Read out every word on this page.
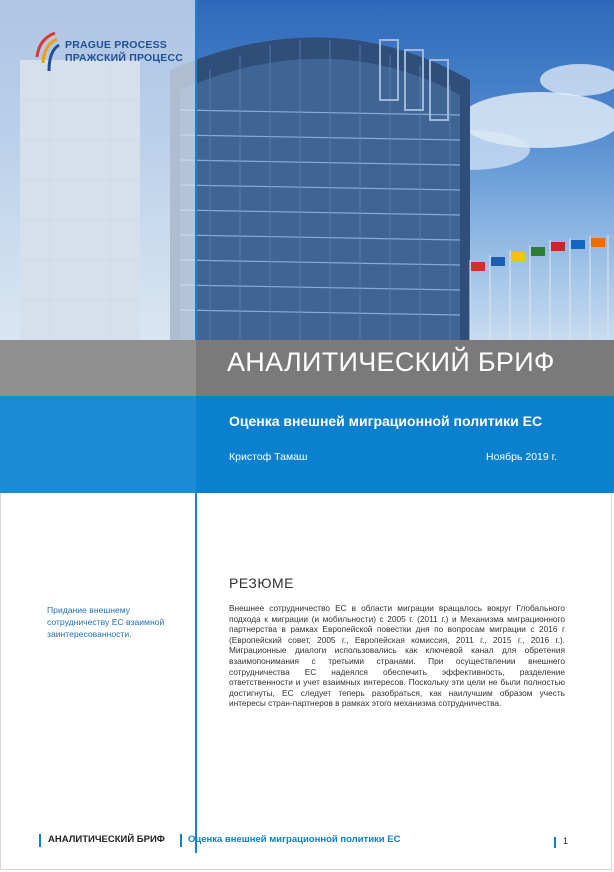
PRAGUE PROCESS
ПРАЖСКИЙ ПРОЦЕСС
АНАЛИТИЧЕСКИЙ БРИФ
Оценка внешней миграционной политики ЕС
Кристоф Тамаш	Ноябрь 2019 г.
Придание внешнему сотрудничеству ЕС взаимной заинтересованности.
РЕЗЮМЕ
Внешнее сотрудничество ЕС в области миграции вращалось вокруг Глобального подхода к миграции (и мобильности) с 2005 г. (2011 г.) и Механизма миграционного партнерства в рамках Европейской повестки дня по вопросам миграции с 2016 г (Европейский совет, 2005 г., Европейская комиссия, 2011 г., 2015 г., 2016 г.). Миграционные диалоги использовались как ключевой канал для обретения взаимопонимания с третьими странами. При осуществлении внешнего сотрудничества ЕС надеялся обеспечить эффективность, разделение ответственности и учет взаимных интересов. Поскольку эти цели не были полностью достигнуты, ЕС следует теперь разобраться, как наилучшим образом учесть интересы стран-партнеров в рамках этого механизма сотрудничества.
АНАЛИТИЧЕСКИЙ БРИФ Оценка внешней миграционной политики ЕС	1
